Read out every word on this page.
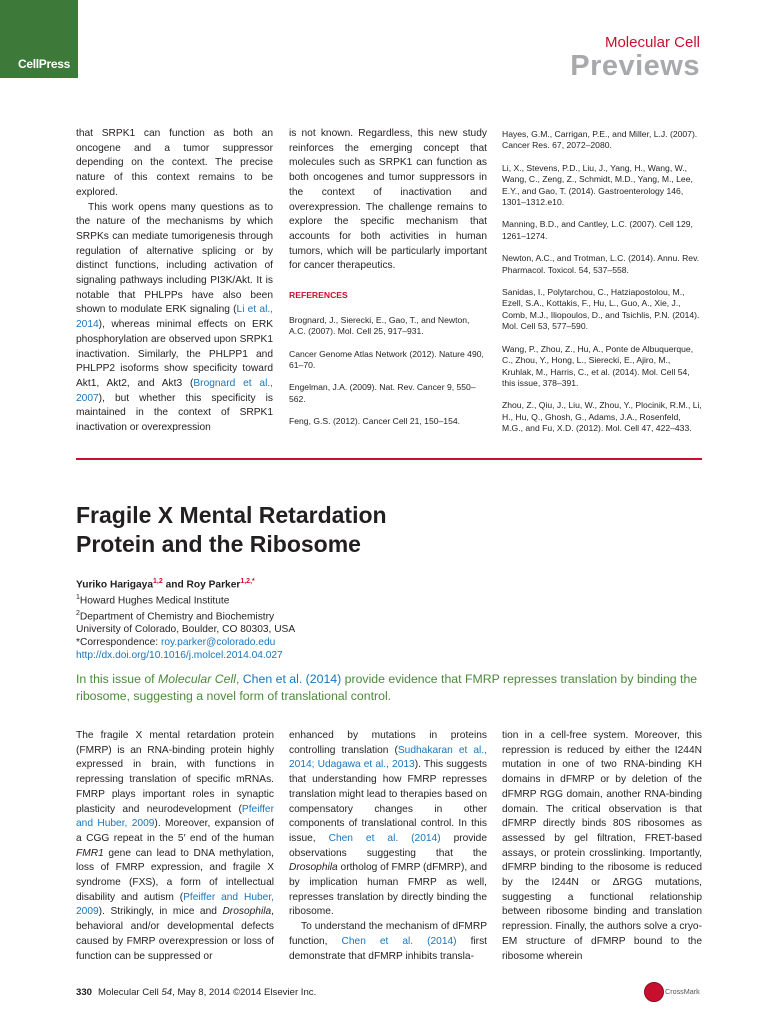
CellPress
Molecular Cell
Previews

that SRPK1 can function as both an oncogene and a tumor suppressor depending on the context. The precise nature of this context remains to be explored.

This work opens many questions as to the nature of the mechanisms by which SRPKs can mediate tumorigenesis through regulation of alternative splicing or by distinct functions, including activation of signaling pathways including PI3K/Akt. It is notable that PHLPPs have also been shown to modulate ERK signaling (Li et al., 2014), whereas minimal effects on ERK phosphorylation are observed upon SRPK1 inactivation. Similarly, the PHLPP1 and PHLPP2 isoforms show specificity toward Akt1, Akt2, and Akt3 (Brognard et al., 2007), but whether this specificity is maintained in the context of SRPK1 inactivation or overexpression

is not known. Regardless, this new study reinforces the emerging concept that molecules such as SRPK1 can function as both oncogenes and tumor suppressors in the context of inactivation and overexpression. The challenge remains to explore the specific mechanism that accounts for both activities in human tumors, which will be particularly important for cancer therapeutics.

REFERENCES
Brognard, J., Sierecki, E., Gao, T., and Newton, A.C. (2007). Mol. Cell 25, 917–931.
Cancer Genome Atlas Network (2012). Nature 490, 61–70.
Engelman, J.A. (2009). Nat. Rev. Cancer 9, 550–562.
Feng, G.S. (2012). Cancer Cell 21, 150–154.
Hayes, G.M., Carrigan, P.E., and Miller, L.J. (2007). Cancer Res. 67, 2072–2080.
Li, X., Stevens, P.D., Liu, J., Yang, H., Wang, W., Wang, C., Zeng, Z., Schmidt, M.D., Yang, M., Lee, E.Y., and Gao, T. (2014). Gastroenterology 146, 1301–1312.e10.
Manning, B.D., and Cantley, L.C. (2007). Cell 129, 1261–1274.
Newton, A.C., and Trotman, L.C. (2014). Annu. Rev. Pharmacol. Toxicol. 54, 537–558.
Sanidas, I., Polytarchou, C., Hatziapostolou, M., Ezell, S.A., Kottakis, F., Hu, L., Guo, A., Xie, J., Comb, M.J., Iliopoulos, D., and Tsichlis, P.N. (2014). Mol. Cell 53, 577–590.
Wang, P., Zhou, Z., Hu, A., Ponte de Albuquerque, C., Zhou, Y., Hong, L., Sierecki, E., Ajiro, M., Kruhlak, M., Harris, C., et al. (2014). Mol. Cell 54, this issue, 378–391.
Zhou, Z., Qiu, J., Liu, W., Zhou, Y., Plocinik, R.M., Li, H., Hu, Q., Ghosh, G., Adams, J.A., Rosenfeld, M.G., and Fu, X.D. (2012). Mol. Cell 47, 422–433.
Fragile X Mental Retardation
Protein and the Ribosome
Yuriko Harigaya$^{1,2}$ and Roy Parker$^{1,2,*}$
$^1$Howard Hughes Medical Institute
$^2$Department of Chemistry and Biochemistry
University of Colorado, Boulder, CO 80303, USA
*Correspondence: roy.parker@colorado.edu
http://dx.doi.org/10.1016/j.molcel.2014.04.027
In this issue of Molecular Cell, Chen et al. (2014) provide evidence that FMRP represses translation by binding the ribosome, suggesting a novel form of translational control.

The fragile X mental retardation protein (FMRP) is an RNA-binding protein highly expressed in brain, with functions in repressing translation of specific mRNAs. FMRP plays important roles in synaptic plasticity and neurodevelopment (Pfeiffer and Huber, 2009). Moreover, expansion of a CGG repeat in the 5′ end of the human FMR1 gene can lead to DNA methylation, loss of FMRP expression, and fragile X syndrome (FXS), a form of intellectual disability and autism (Pfeiffer and Huber, 2009). Strikingly, in mice and Drosophila, behavioral and/or developmental defects caused by FMRP overexpression or loss of function can be suppressed or

enhanced by mutations in proteins controlling translation (Sudhakaran et al., 2014; Udagawa et al., 2013). This suggests that understanding how FMRP represses translation might lead to therapies based on compensatory changes in other components of translational control. In this issue, Chen et al. (2014) provide observations suggesting that the Drosophila ortholog of FMRP (dFMRP), and by implication human FMRP as well, represses translation by directly binding the ribosome.

To understand the mechanism of dFMRP function, Chen et al. (2014) first demonstrate that dFMRP inhibits transla-

tion in a cell-free system. Moreover, this repression is reduced by either the I244N mutation in one of two RNA-binding KH domains in dFMRP or by deletion of the dFMRP RGG domain, another RNA-binding domain. The critical observation is that dFMRP directly binds 80S ribosomes as assessed by gel filtration, FRET-based assays, or protein crosslinking. Importantly, dFMRP binding to the ribosome is reduced by the I244N or ΔRGG mutations, suggesting a functional relationship between ribosome binding and translation repression. Finally, the authors solve a cryo-EM structure of dFMRP bound to the ribosome wherein

330 Molecular Cell 54, May 8, 2014 ©2014 Elsevier Inc.	CrossMark
